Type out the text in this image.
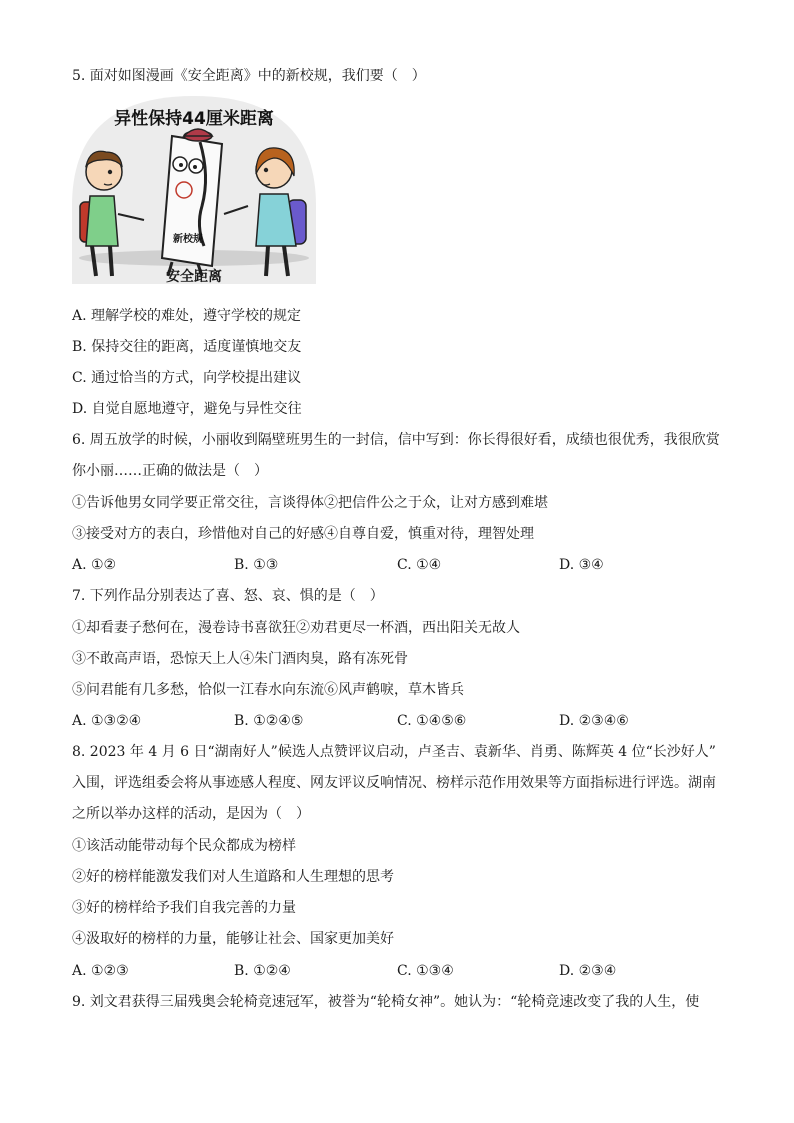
5. 面对如图漫画《安全距离》中的新校规，我们要（　）
异性保持44厘米距离
新校规
安全距离
A. 理解学校的难处，遵守学校的规定
B. 保持交往的距离，适度谨慎地交友
C. 通过恰当的方式，向学校提出建议
D. 自觉自愿地遵守，避免与异性交往
6. 周五放学的时候，小丽收到隔壁班男生的一封信，信中写到：你长得很好看，成绩也很优秀，我很欣赏
你小丽……正确的做法是（　）
①告诉他男女同学要正常交往，言谈得体②把信件公之于众，让对方感到难堪
③接受对方的表白，珍惜他对自己的好感④自尊自爱，慎重对待，理智处理
A. ①②	B. ①③	C. ①④	D. ③④
7. 下列作品分别表达了喜、怒、哀、惧的是（　）
①却看妻子愁何在，漫卷诗书喜欲狂②劝君更尽一杯酒，西出阳关无故人
③不敢高声语，恐惊天上人④朱门酒肉臭，路有冻死骨
⑤问君能有几多愁，恰似一江春水向东流⑥风声鹤唳，草木皆兵
A. ①③②④	B. ①②④⑤	C. ①④⑤⑥	D. ②③④⑥
8. 2023 年 4 月 6 日“湖南好人”候选人点赞评议启动，卢圣吉、袁新华、肖勇、陈辉英 4 位“长沙好人”
入围，评选组委会将从事迹感人程度、网友评议反响情况、榜样示范作用效果等方面指标进行评选。湖南
之所以举办这样的活动，是因为（　）
①该活动能带动每个民众都成为榜样
②好的榜样能激发我们对人生道路和人生理想的思考
③好的榜样给予我们自我完善的力量
④汲取好的榜样的力量，能够让社会、国家更加美好
A. ①②③	B. ①②④	C. ①③④	D. ②③④
9. 刘文君获得三届残奥会轮椅竞速冠军，被誉为“轮椅女神”。她认为：“轮椅竞速改变了我的人生，使
